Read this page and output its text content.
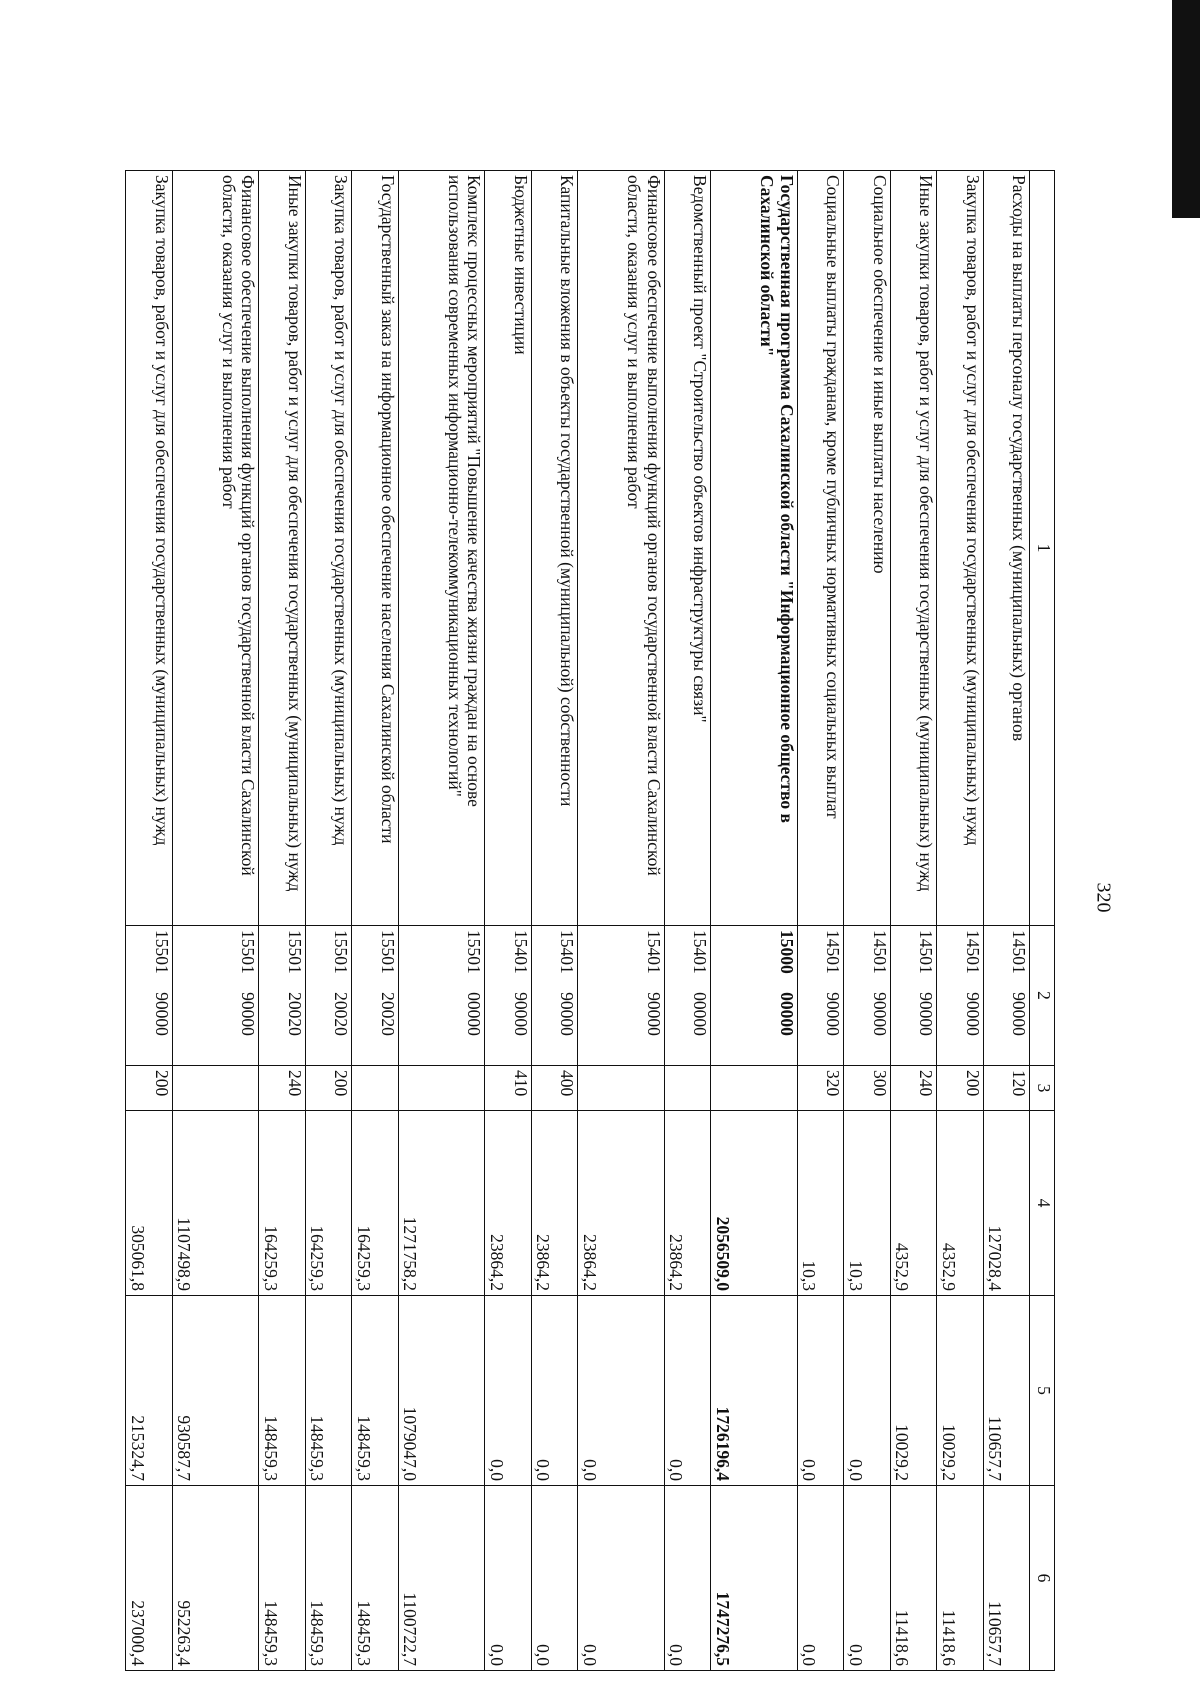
320
1	2	3	4	5	6
Расходы на выплаты персоналу государственных (муниципальных) органов	14501 90000	120	127028,4	110657,7	110657,7
Закупка товаров, работ и услуг для обеспечения государственных (муниципальных) нужд	14501 90000	200	4352,9	10029,2	11418,6
Иные закупки товаров, работ и услуг для обеспечения государственных (муниципальных) нужд	14501 90000	240	4352,9	10029,2	11418,6
Социальное обеспечение и иные выплаты населению	14501 90000	300	10,3	0,0	0,0
Социальные выплаты гражданам, кроме публичных нормативных социальных выплат	14501 90000	320	10,3	0,0	0,0
Государственная программа Сахалинской области "Информационное общество в Сахалинской области"	15000 00000		2056509,0	1726196,4	1747276,5
Ведомственный проект "Строительство объектов инфраструктуры связи"	15401 00000		23864,2	0,0	0,0
Финансовое обеспечение выполнения функций органов государственной власти Сахалинской области, оказания услуг и выполнения работ	15401 90000		23864,2	0,0	0,0
Капитальные вложения в объекты государственной (муниципальной) собственности	15401 90000	400	23864,2	0,0	0,0
Бюджетные инвестиции	15401 90000	410	23864,2	0,0	0,0
Комплекс процессных мероприятий "Повышение качества жизни граждан на основе использования современных информационно-телекоммуникационных технологий"	15501 00000		1271758,2	1079047,0	1100722,7
Государственный заказ на информационное обеспечение населения Сахалинской области	15501 20020		164259,3	148459,3	148459,3
Закупка товаров, работ и услуг для обеспечения государственных (муниципальных) нужд	15501 20020	200	164259,3	148459,3	148459,3
Иные закупки товаров, работ и услуг для обеспечения государственных (муниципальных) нужд	15501 20020	240	164259,3	148459,3	148459,3
Финансовое обеспечение выполнения функций органов государственной власти Сахалинской области, оказания услуг и выполнения работ	15501 90000		1107498,9	930587,7	952263,4
Закупка товаров, работ и услуг для обеспечения государственных (муниципальных) нужд	15501 90000	200	305061,8	215324,7	237000,4
